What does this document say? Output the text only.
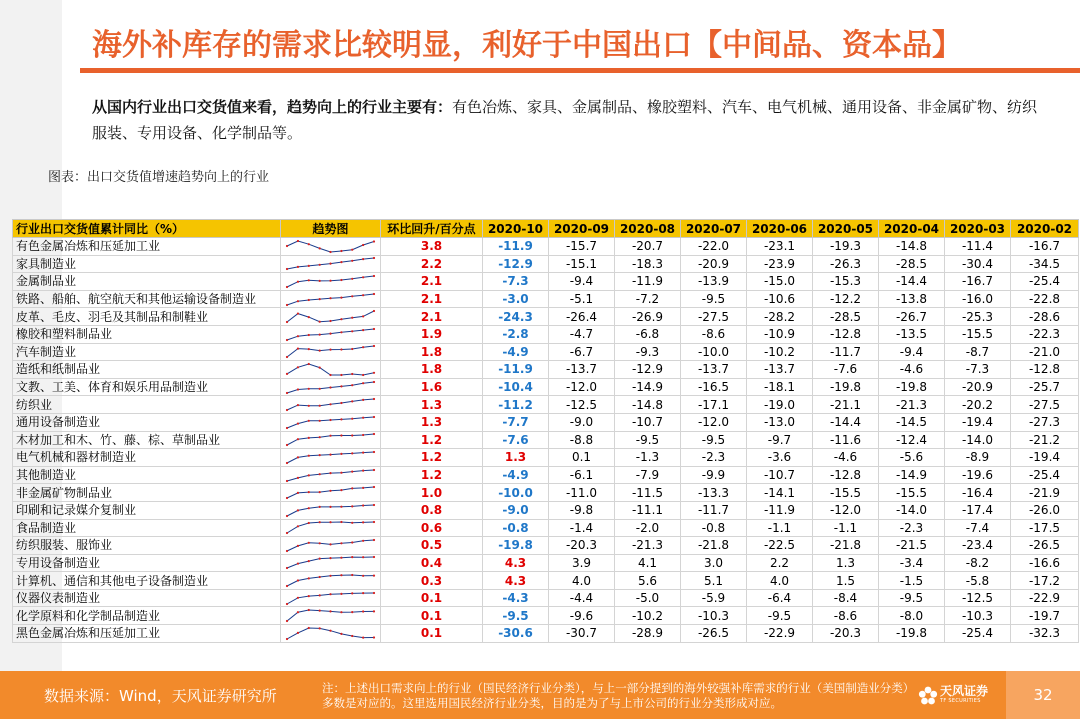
海外补库存的需求比较明显，利好于中国出口【中间品、资本品】
从国内行业出口交货值来看，趋势向上的行业主要有：有色冶炼、家具、金属制品、橡胶塑料、汽车、电气机械、通用设备、非金属矿物、纺织服装、专用设备、化学制品等。
图表：出口交货值增速趋势向上的行业
行业出口交货值累计同比（%）	趋势图	环比回升/百分点	2020-10	2020-09	2020-08	2020-07	2020-06	2020-05	2020-04	2020-03	2020-02
有色金属冶炼和压延加工业		3.8	-11.9	-15.7	-20.7	-22.0	-23.1	-19.3	-14.8	-11.4	-16.7
家具制造业		2.2	-12.9	-15.1	-18.3	-20.9	-23.9	-26.3	-28.5	-30.4	-34.5
金属制品业		2.1	-7.3	-9.4	-11.9	-13.9	-15.0	-15.3	-14.4	-16.7	-25.4
铁路、船舶、航空航天和其他运输设备制造业		2.1	-3.0	-5.1	-7.2	-9.5	-10.6	-12.2	-13.8	-16.0	-22.8
皮革、毛皮、羽毛及其制品和制鞋业		2.1	-24.3	-26.4	-26.9	-27.5	-28.2	-28.5	-26.7	-25.3	-28.6
橡胶和塑料制品业		1.9	-2.8	-4.7	-6.8	-8.6	-10.9	-12.8	-13.5	-15.5	-22.3
汽车制造业		1.8	-4.9	-6.7	-9.3	-10.0	-10.2	-11.7	-9.4	-8.7	-21.0
造纸和纸制品业		1.8	-11.9	-13.7	-12.9	-13.7	-13.7	-7.6	-4.6	-7.3	-12.8
文教、工美、体育和娱乐用品制造业		1.6	-10.4	-12.0	-14.9	-16.5	-18.1	-19.8	-19.8	-20.9	-25.7
纺织业		1.3	-11.2	-12.5	-14.8	-17.1	-19.0	-21.1	-21.3	-20.2	-27.5
通用设备制造业		1.3	-7.7	-9.0	-10.7	-12.0	-13.0	-14.4	-14.5	-19.4	-27.3
木材加工和木、竹、藤、棕、草制品业		1.2	-7.6	-8.8	-9.5	-9.5	-9.7	-11.6	-12.4	-14.0	-21.2
电气机械和器材制造业		1.2	1.3	0.1	-1.3	-2.3	-3.6	-4.6	-5.6	-8.9	-19.4
其他制造业		1.2	-4.9	-6.1	-7.9	-9.9	-10.7	-12.8	-14.9	-19.6	-25.4
非金属矿物制品业		1.0	-10.0	-11.0	-11.5	-13.3	-14.1	-15.5	-15.5	-16.4	-21.9
印刷和记录媒介复制业		0.8	-9.0	-9.8	-11.1	-11.7	-11.9	-12.0	-14.0	-17.4	-26.0
食品制造业		0.6	-0.8	-1.4	-2.0	-0.8	-1.1	-1.1	-2.3	-7.4	-17.5
纺织服装、服饰业		0.5	-19.8	-20.3	-21.3	-21.8	-22.5	-21.8	-21.5	-23.4	-26.5
专用设备制造业		0.4	4.3	3.9	4.1	3.0	2.2	1.3	-3.4	-8.2	-16.6
计算机、通信和其他电子设备制造业		0.3	4.3	4.0	5.6	5.1	4.0	1.5	-1.5	-5.8	-17.2
仪器仪表制造业		0.1	-4.3	-4.4	-5.0	-5.9	-6.4	-8.4	-9.5	-12.5	-22.9
化学原料和化学制品制造业		0.1	-9.5	-9.6	-10.2	-10.3	-9.5	-8.6	-8.0	-10.3	-19.7
黑色金属冶炼和压延加工业		0.1	-30.6	-30.7	-28.9	-26.5	-22.9	-20.3	-19.8	-25.4	-32.3
数据来源：Wind，天风证券研究所	注：上述出口需求向上的行业（国民经济行业分类），与上一部分提到的海外较强补库需求的行业（美国制造业分类）多数是对应的。这里选用国民经济行业分类，目的是为了与上市公司的行业分类形成对应。
天风证券
TF SECURITIES	32
